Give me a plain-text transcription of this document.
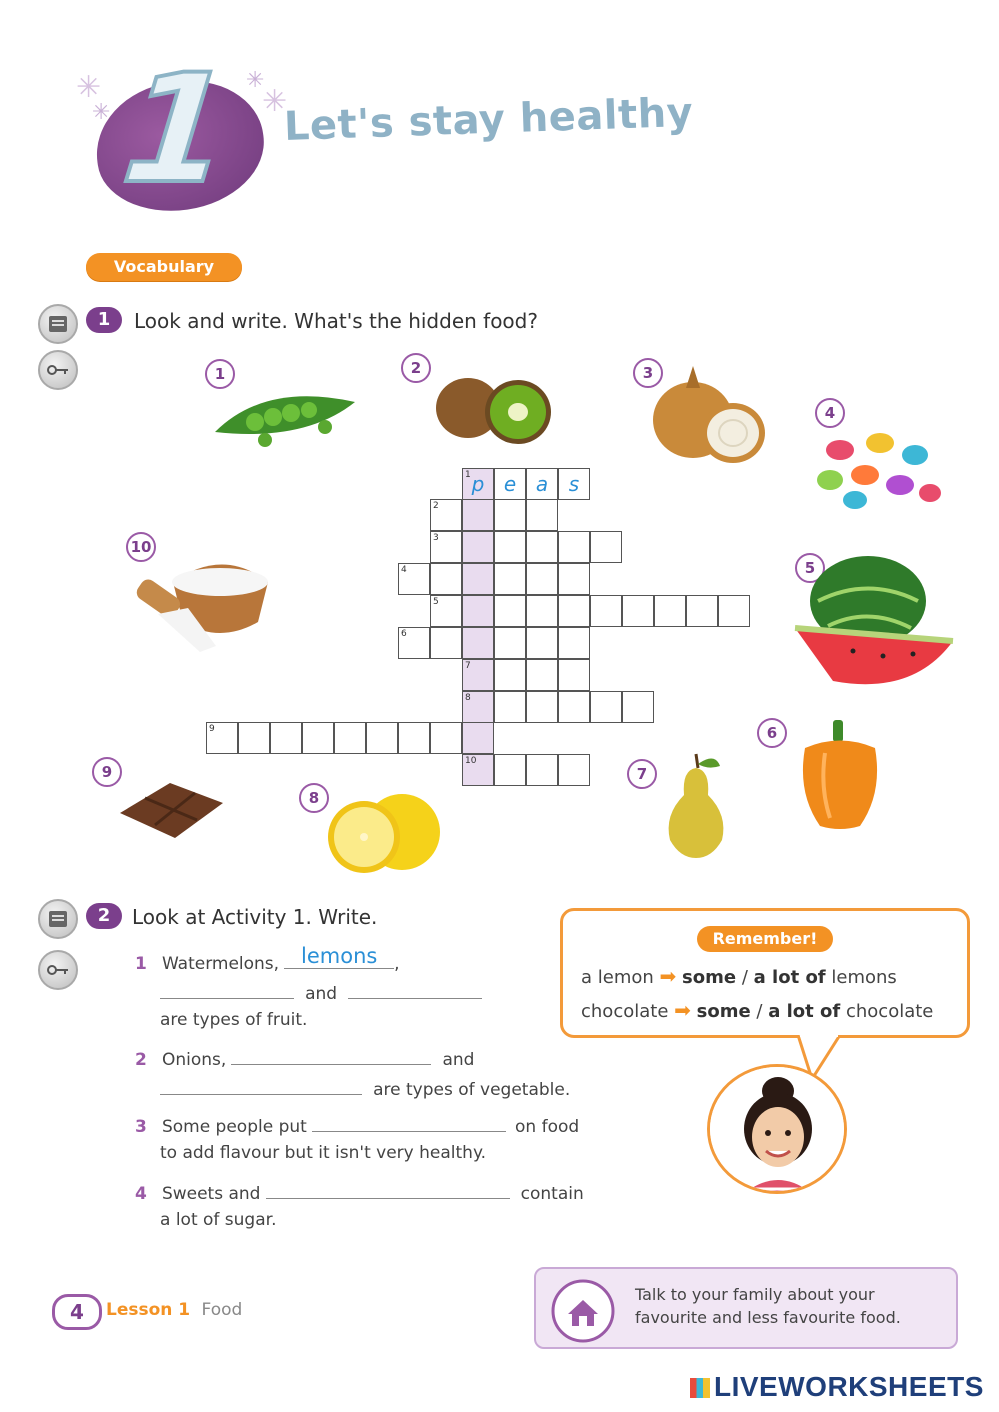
1
✳
✳	✳
✳
Let's stay healthy
Vocabulary
1	Look and write. What's the hidden food?
1	2	3
4
5
6
7
8
9
10
1 p e a	s
2
3
4
5
6
7
8
9
10
2	Look at Activity 1. Write.
1 Watermelons, lemons ,
and
are types of fruit.
2 Onions,	and
are types of vegetable.
3 Some people put	on food
to add flavour but it isn't very healthy.
4 Sweets and	contain
a lot of sugar.
Remember!
a lemon ➡ some / a lot of lemons
chocolate ➡ some / a lot of chocolate
4	Lesson 1 Food
Talk to your family about your favourite and less favourite food.
LIVEWORKSHEETS
